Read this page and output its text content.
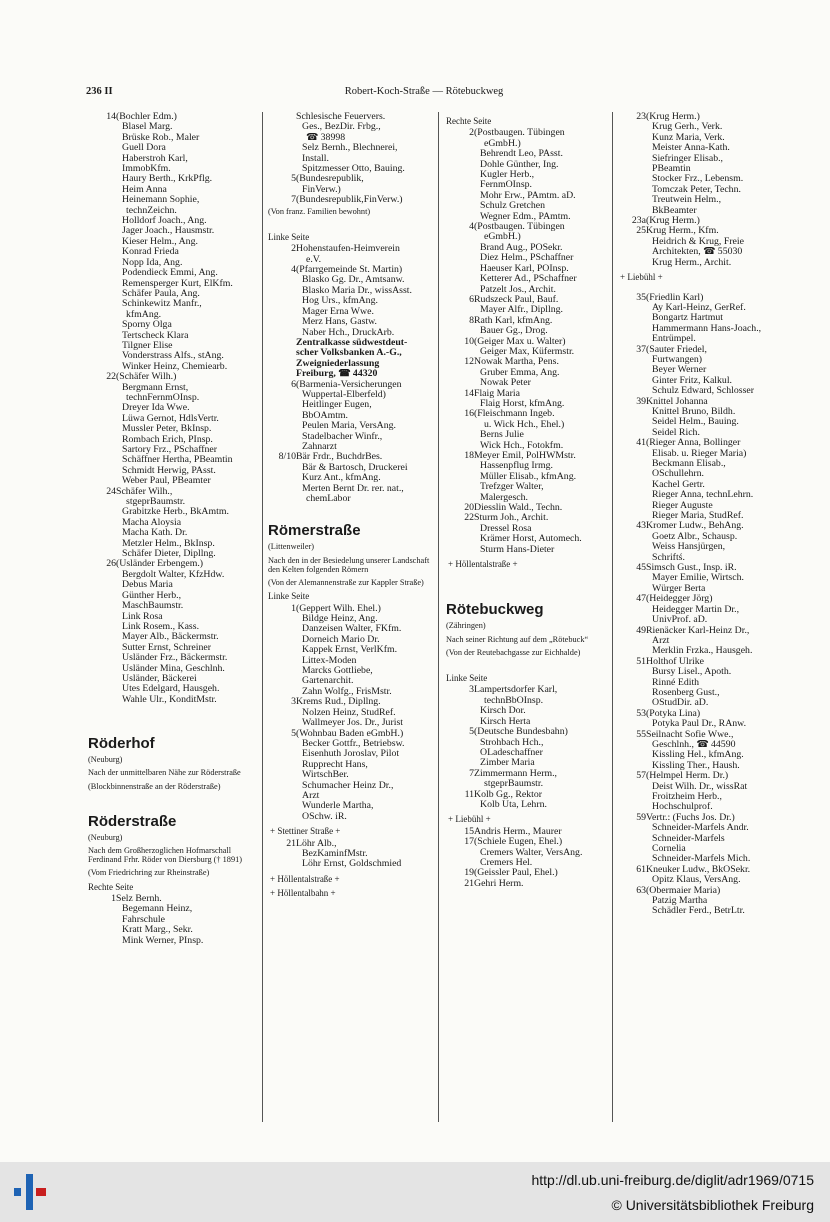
236 II	Robert-Koch-Straße — Rötebuckweg
14 (Bochler Edm.)
Blasel Marg.
Brüske Rob., Maler
Guell Dora
Haberstroh Karl,
ImmobKfm.
Haury Berth., KrkPflg.
Heim Anna
Heinemann Sophie,
technZeichn.
Holldorf Joach., Ang.
Jager Joach., Hausmstr.
Kieser Helm., Ang.
Konrad Frieda
Nopp Ida, Ang.
Podendieck Emmi, Ang.
Remensperger Kurt, ElKfm.
Schäfer Paula, Ang.
Schinkewitz Manfr.,
kfmAng.
Sporny Olga
Tertscheck Klara
Tilgner Elise
Vonderstrass Alfs., stAng.
Winker Heinz, Chemiearb.
22 (Schäfer Wilh.)
Bergmann Ernst,
technFernmOInsp.
Dreyer Ida Wwe.
Lüwa Gernot, HdlsVertr.
Mussler Peter, BkInsp.
Rombach Erich, PInsp.
Sartory Frz., PSchaffner
Schäffner Hertha, PBeamtin
Schmidt Herwig, PAsst.
Weber Paul, PBeamter
24 Schäfer Wilh.,
stgeprBaumstr.
Grabitzke Herb., BkAmtm.
Macha Aloysia
Macha Kath. Dr.
Metzler Helm., BkInsp.
Schäfer Dieter, Dipllng.
26 (Usländer Erbengem.)
Bergdolt Walter, KfzHdw.
Debus Maria
Günther Herb.,
MaschBaumstr.
Link Rosa
Link Rosem., Kass.
Mayer Alb., Bäckermstr.
Sutter Ernst, Schreiner
Usländer Frz., Bäckermstr.
Usländer Mina, Geschlnh.
Usländer, Bäckerei
Utes Edelgard, Hausgeh.
Wahle Ulr., KonditMstr.
Röderhof
(Neuburg)
Nach der unmittelbaren Nähe zur Röderstraße
(Blockbinnenstraße an der Röderstraße)
Röderstraße
(Neuburg)
Nach dem Großherzoglichen Hofmarschall Ferdinand Frhr. Röder von Diersburg († 1891)
(Vom Friedrichring zur Rheinstraße)
Rechte Seite
1 Selz Bernh.
Begemann Heinz,
Fahrschule
Kratt Marg., Sekr.
Mink Werner, PInsp.
Schlesische Feuervers.
Ges., BezDir. Frbg.,
☎ 38998
Selz Bernh., Blechnerei,
Install.
Spitzmesser Otto, Bauing.
5 (Bundesrepublik,
FinVerw.)
7 (Bundesrepublik,FinVerw.)
(Von franz. Familien bewohnt)
Linke Seite
2 Hohenstaufen-Heimverein
e.V.
4 (Pfarrgemeinde St. Martin)
Blasko Gg. Dr., Amtsanw.
Blasko Maria Dr., wissAsst.
Hog Urs., kfmAng.
Mager Erna Wwe.
Merz Hans, Gastw.
Naber Hch., DruckArb.
Zentralkasse südwestdeut-
scher Volksbanken A.-G.,
Zweigniederlassung
Freiburg, ☎ 44320
6 (Barmenia-Versicherungen
Wuppertal-Elberfeld)
Heitlinger Eugen,
BbOAmtm.
Peulen Maria, VersAng.
Stadelbacher Winfr.,
Zahnarzt
8/10 Bär Frdr., BuchdrBes.
Bär & Bartosch, Druckerei
Kurz Ant., kfmAng.
Merten Bernt Dr. rer. nat.,
chemLabor
Römerstraße
(Littenweiler)
Nach den in der Besiedelung unserer Landschaft den Kelten folgenden Römern
(Von der Alemannenstraße zur Kappler Straße)
Linke Seite
1 (Geppert Wilh. Ehel.)
Bildge Heinz, Ang.
Danzeisen Walter, FKfm.
Dorneich Mario Dr.
Kappek Ernst, VerlKfm.
Littex-Moden
Marcks Gottliebe,
Gartenarchit.
Zahn Wolfg., FrisMstr.
3 Krems Rud., Dipllng.
Nolzen Heinz, StudRef.
Wallmeyer Jos. Dr., Jurist
5 (Wohnbau Baden eGmbH.)
Becker Gottfr., Betriebsw.
Eisenhuth Joroslav, Pilot
Rupprecht Hans,
WirtschBer.
Schumacher Heinz Dr.,
Arzt
Wunderle Martha,
OSchw. iR.
+ Stettiner Straße +
21 Löhr Alb.,
BezKaminfMstr.
Löhr Ernst, Goldschmied
+ Höllentalstraße +
+ Höllentalbahn +
Rechte Seite
2 (Postbaugen. Tübingen
eGmbH.)
Behrendt Leo, PAsst.
Dohle Günther, Ing.
Kugler Herb.,
FernmOInsp.
Mohr Erw., PAmtm. aD.
Schulz Gretchen
Wegner Edm., PAmtm.
4 (Postbaugen. Tübingen
eGmbH.)
Brand Aug., POSekr.
Diez Helm., PSchaffner
Haeuser Karl, POInsp.
Ketterer Ad., PSchaffner
Patzelt Jos., Archit.
6 Rudszeck Paul, Bauf.
Mayer Alfr., Dipllng.
8 Rath Karl, kfmAng.
Bauer Gg., Drog.
10 (Geiger Max u. Walter)
Geiger Max, Küfermstr.
12 Nowak Martha, Pens.
Gruber Emma, Ang.
Nowak Peter
14 Flaig Maria
Flaig Horst, kfmAng.
16 (Fleischmann Ingeb.
u. Wick Hch., Ehel.)
Berns Julie
Wick Hch., Fotokfm.
18 Meyer Emil, PolHWMstr.
Hassenpflug Irmg.
Müller Elisab., kfmAng.
Trefzger Walter,
Malergesch.
20 Diesslin Wald., Techn.
22 Sturm Joh., Archit.
Dressel Rosa
Krämer Horst, Automech.
Sturm Hans-Dieter
+ Höllentalstraße +
Rötebuckweg
(Zähringen)
Nach seiner Richtung auf dem „Rötebuck“
(Von der Reutebachgasse zur Eichhalde)
Linke Seite
3 Lampertsdorfer Karl,
technBbOInsp.
Kirsch Dor.
Kirsch Herta
5 (Deutsche Bundesbahn)
Strohbach Hch.,
OLadeschaffner
Zimber Maria
7 Zimmermann Herm.,
stgeprBaumstr.
11 Kolb Gg., Rektor
Kolb Uta, Lehrn.
+ Liebühl +
15 Andris Herm., Maurer
17 (Schiele Eugen, Ehel.)
Cremers Walter, VersAng.
Cremers Hel.
19 (Geissler Paul, Ehel.)
21 Gehri Herm.
23 (Krug Herm.)
Krug Gerh., Verk.
Kunz Maria, Verk.
Meister Anna-Kath.
Siefringer Elisab.,
PBeamtin
Stocker Frz., Lebensm.
Tomczak Peter, Techn.
Treutwein Helm.,
BkBeamter
23a (Krug Herm.)
25 Krug Herm., Kfm.
Heidrich & Krug, Freie
Architekten, ☎ 55030
Krug Herm., Archit.
+ Liebühl +
35 (Friedlin Karl)
Ay Karl-Heinz, GerRef.
Bongartz Hartmut
Hammermann Hans-Joach.,
Entrümpel.
37 (Sauter Friedel,
Furtwangen)
Beyer Werner
Ginter Fritz, Kalkul.
Schulz Edward, Schlosser
39 Knittel Johanna
Knittel Bruno, Bildh.
Seidel Helm., Bauing.
Seidel Rich.
41 (Rieger Anna, Bollinger
Elisab. u. Rieger Maria)
Beckmann Elisab.,
OSchullehrn.
Kachel Gertr.
Rieger Anna, technLehrn.
Rieger Auguste
Rieger Maria, StudRef.
43 Kromer Ludw., BehAng.
Goetz Albr., Schausp.
Weiss Hansjürgen,
Schriftś.
45 Simsch Gust., Insp. iR.
Mayer Emilie, Wirtsch.
Würger Berta
47 (Heidegger Jörg)
Heidegger Martin Dr.,
UnivProf. aD.
49 Rienäcker Karl-Heinz Dr.,
Arzt
Merklin Frzka., Hausgeh.
51 Holthof Ulrike
Bursy Lisel., Apoth.
Rinné Edith
Rosenberg Gust.,
OStudDir. aD.
53 (Potyka Lina)
Potyka Paul Dr., RAnw.
55 Seilnacht Sofie Wwe.,
Geschlnh., ☎ 44590
Kissling Hel., kfmAng.
Kissling Ther., Haush.
57 (Helmpel Herm. Dr.)
Deist Wilh. Dr., wissRat
Froitzheim Herb.,
Hochschulprof.
59 Vertr.: (Fuchs Jos. Dr.)
Schneider-Marfels Andr.
Schneider-Marfels
Cornelia
Schneider-Marfels Mich.
61 Kneuker Ludw., BkOSekr.
Opitz Klaus, VersAng.
63 (Obermaier Maria)
Patzig Martha
Schädler Ferd., BetrLtr.
http://dl.ub.uni-freiburg.de/diglit/adr1969/0715
© Universitätsbibliothek Freiburg
